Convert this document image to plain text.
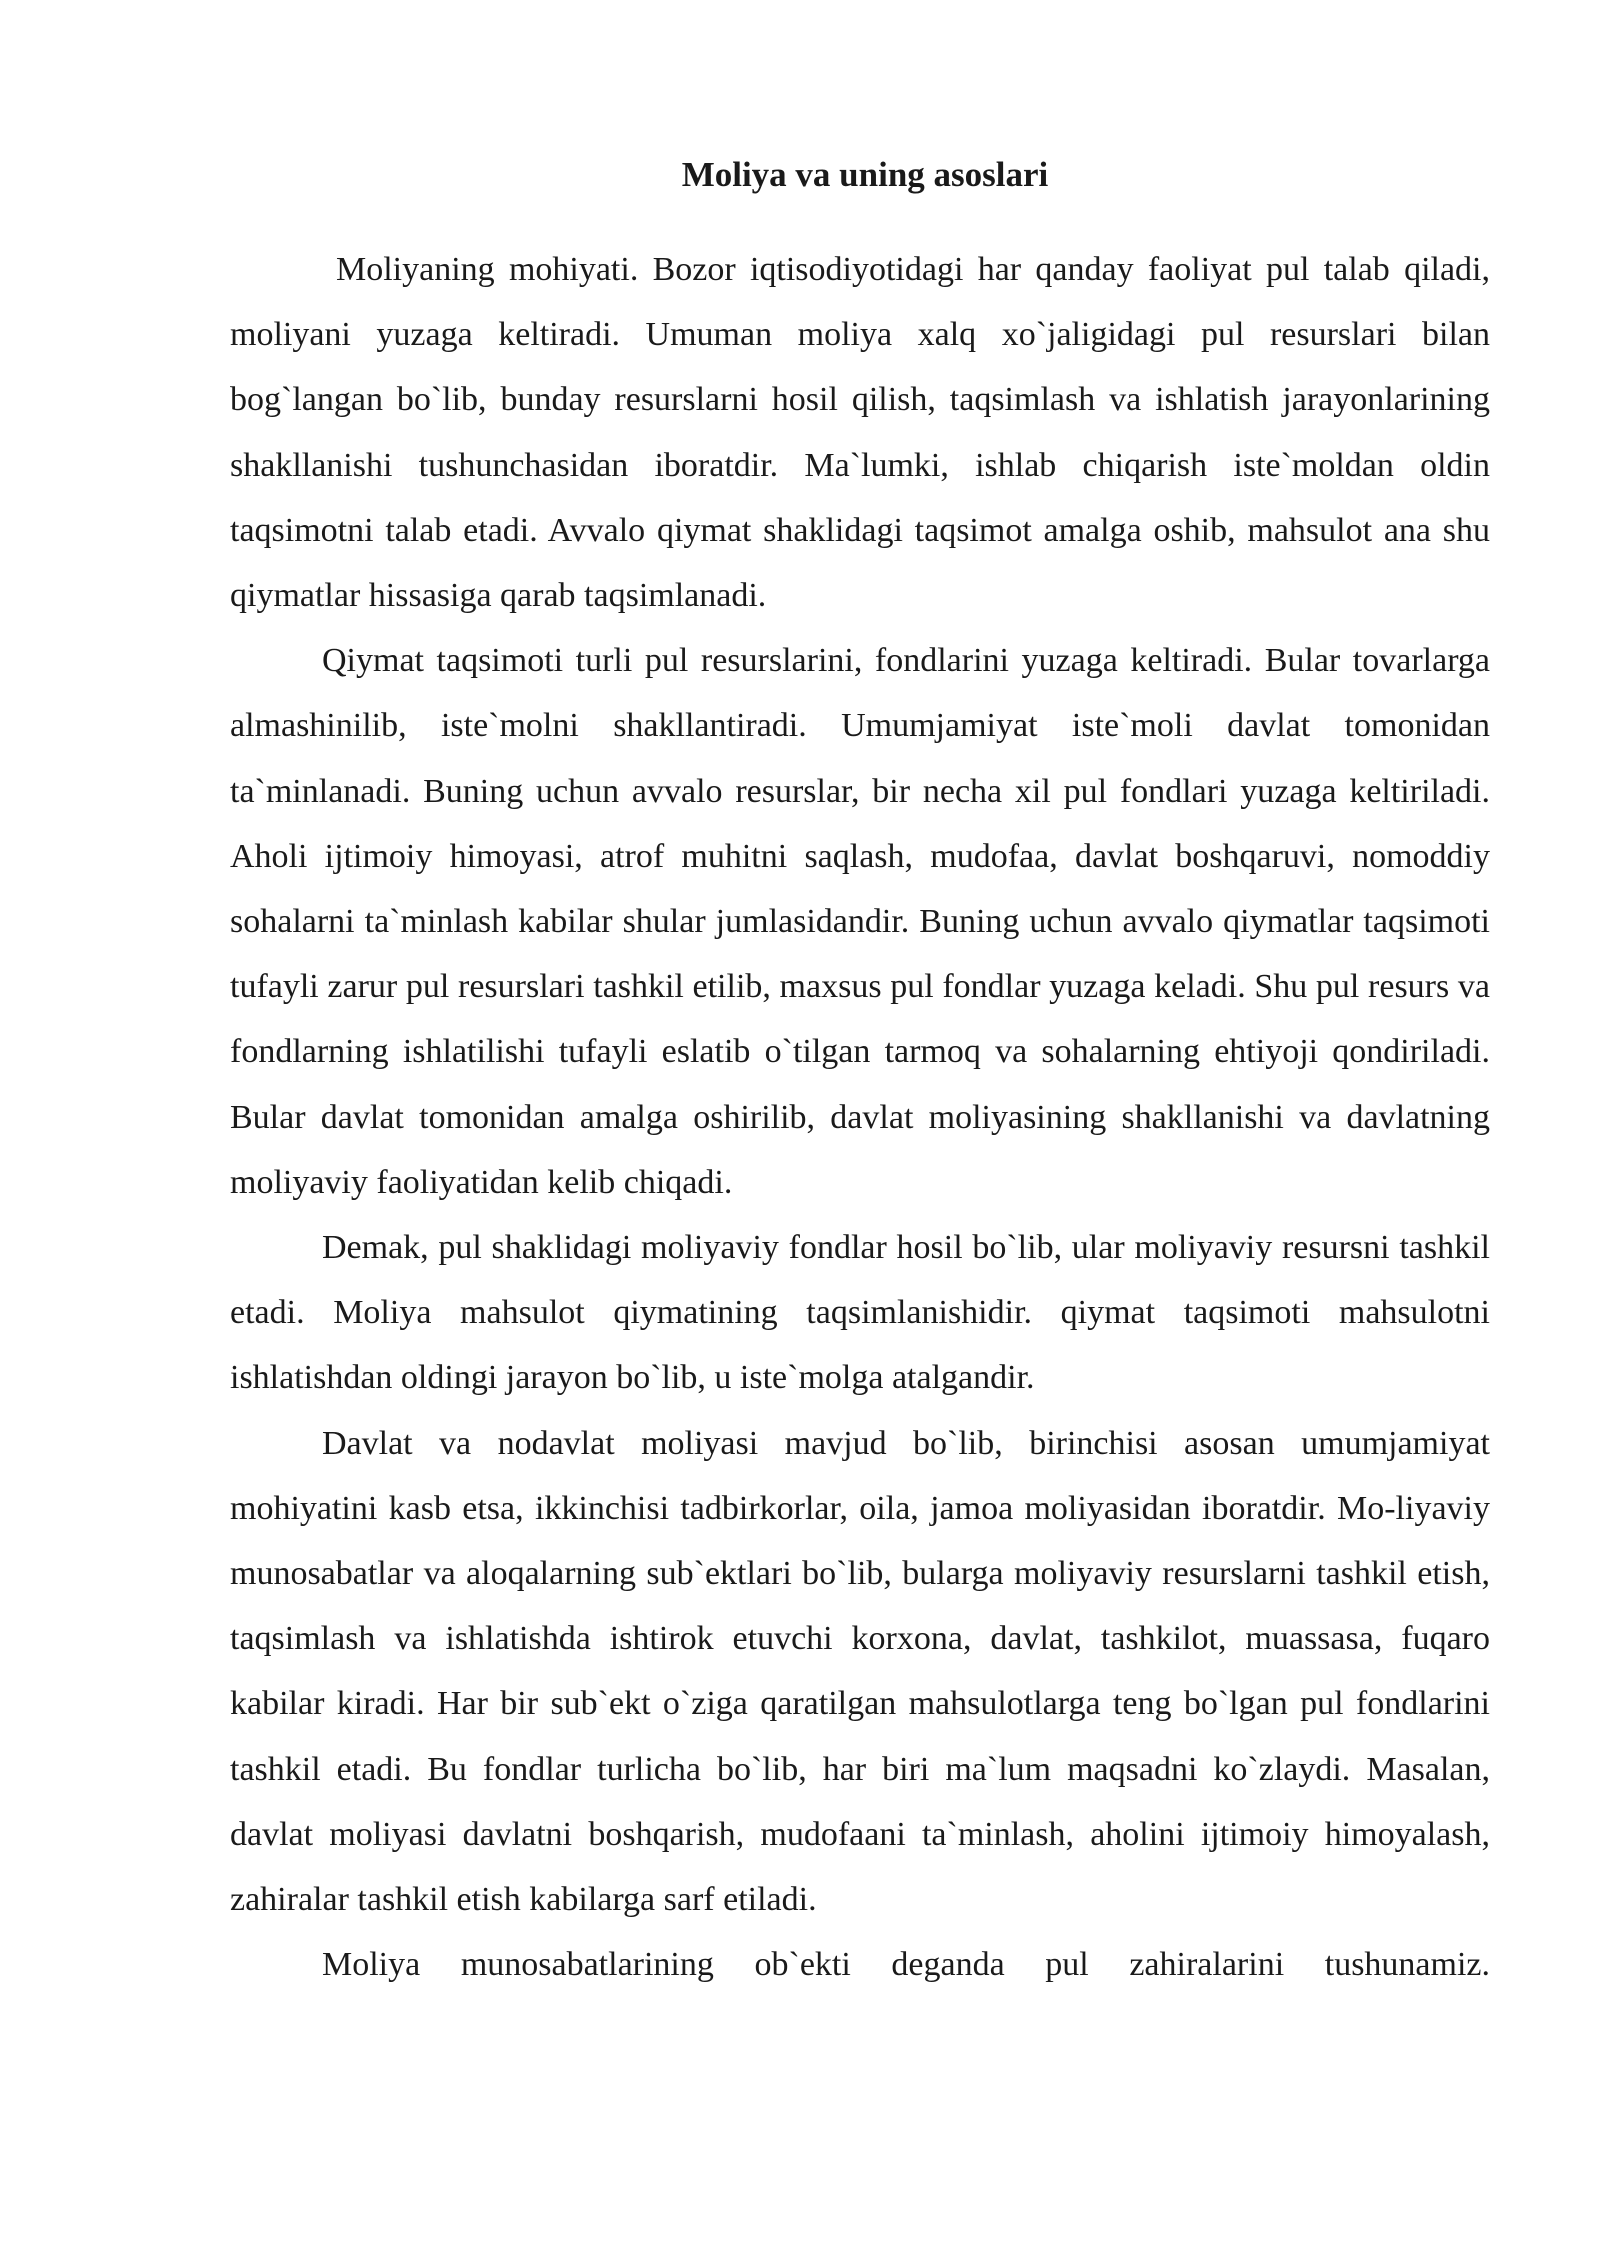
Moliya va uning asoslari

Moliyaning mohiyati. Bozor iqtisodiyotidagi har qanday faoliyat pul talab qiladi, moliyani yuzaga keltiradi. Umuman moliya xalq xo`jaligidagi pul resurslari bilan bog`langan bo`lib, bunday resurslarni hosil qilish, taqsimlash va ishlatish jarayonlarining shakllanishi tushunchasidan iboratdir. Ma`lumki, ishlab chiqarish iste`moldan oldin taqsimotni talab etadi. Avvalo qiymat shaklidagi taqsimot amalga oshib, mahsulot ana shu qiymatlar hissasiga qarab taqsimlanadi.

Qiymat taqsimoti turli pul resurslarini, fondlarini yuzaga keltiradi. Bular tovarlarga almashinilib, iste`molni shakllantiradi. Umumjamiyat iste`moli davlat tomonidan ta`minlanadi. Buning uchun avvalo resurslar, bir necha xil pul fondlari yuzaga keltiriladi. Aholi ijtimoiy himoyasi, atrof muhitni saqlash, mudofaa, davlat boshqaruvi, nomoddiy sohalarni ta`minlash kabilar shular jumlasidandir. Buning uchun avvalo qiymatlar taqsimoti tufayli zarur pul resurslari tashkil etilib, maxsus pul fondlar yuzaga keladi. Shu pul resurs va fondlarning ishlatilishi tufayli eslatib o`tilgan tarmoq va sohalarning ehtiyoji qondiriladi. Bular davlat tomonidan amalga oshirilib, davlat moliyasining shakllanishi va davlatning moliyaviy faoliyatidan kelib chiqadi.

Demak, pul shaklidagi moliyaviy fondlar hosil bo`lib, ular moliyaviy resursni tashkil etadi. Moliya mahsulot qiymatining taqsimlanishidir. qiymat taqsimoti mahsulotni ishlatishdan oldingi jarayon bo`lib, u iste`molga atalgandir.

Davlat va nodavlat moliyasi mavjud bo`lib, birinchisi asosan umumjamiyat mohiyatini kasb etsa, ikkinchisi tadbirkorlar, oila, jamoa moliyasidan iboratdir. Mo-liyaviy munosabatlar va aloqalarning sub`ektlari bo`lib, bularga moliyaviy resurslarni tashkil etish, taqsimlash va ishlatishda ishtirok etuvchi korxona, davlat, tashkilot, muassasa, fuqaro kabilar kiradi. Har bir sub`ekt o`ziga qaratilgan mahsulotlarga teng bo`lgan pul fondlarini tashkil etadi. Bu fondlar turlicha bo`lib, har biri ma`lum maqsadni ko`zlaydi. Masalan, davlat moliyasi davlatni boshqarish, mudofaani ta`minlash, aholini ijtimoiy himoyalash, zahiralar tashkil etish kabilarga sarf etiladi.

Moliya munosabatlarining ob`ekti deganda pul zahiralarini tushunamiz.
